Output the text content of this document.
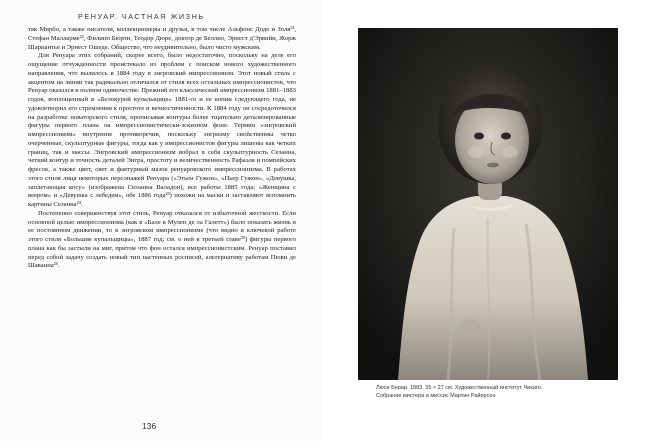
РЕНУАР. ЧАСТНАЯ ЖИЗНЬ

так Мирбо, а также писатели, коллекционеры и друзья, в том числе Альфонс Доде и Золя²¹, Стефан Малларме²², Филипп Бюрти, Теодор Дюре, доктор де Беллио, Эрнест д'Эрвийи, Жорж Шарпантье и Эрнест Ошеде. Общество, что неудивительно, было чисто мужским.

Для Ренуара этих собраний, скорее всего, было недостаточно, поскольку на деле его ощущение отчужденности проистекало из проблем с поиском нового художественного направления, что вылилось в 1884 году в энгровский импрессионизм. Этот новый стиль с акцентом на линии так радикально отличался от стиля всех остальных импрессионистов, что Ренуар оказался в полном одиночестве. Прежний его классический импрессионизм 1881–1883 годов, воплощенный в «Белокурой купальщице» 1881-го и ее копии следующего года, не удовлетворил его стремления к простоте и вечностиченности. К 1884 году он сосредоточился на разработке новаторского стиля, прописывая контуры более тщательно детализированные фигуры первого плана на импрессионистически-эскизном фоне. Термин «энгровский импрессионизм» внутренне противоречив, поскольку энгризму свойственны четко очерченные, скульптурные фигуры, тогда как у импрессионистов фигуры лишены как четких границ, так и массы. Энгровский импрессионизм вобрал в себя скульптурность Сезанна, четкий контур и точность деталей Энгра, простоту и величественность Рафаэля и помпейских фресок, а также цвет, свет и фактурный мазок ренуаровского импрессионизма. В работах этого стиля лица некоторых персонажей Ренуара («Этьен Гужон», «Пьер Гужон», «Девушка, заплетающая косу» (изображена Сюзанна Валадон), все работы 1885 года; «Женщина с веером» и «Девушка с лебедем», обе 1886 года²³) похожи на маски и заставляют вспомнить картины Сезанна²⁴.

Постепенно совершенствуя этот стиль, Ренуар отказался от избыточной жесткости. Если основной целью импрессионизма (как в «Бале в Мулен де ла Галетт») было показать жизнь в ее постоянном движении, то в энгровском импрессионизме (что видно в ключевой работе этого стиля «Большие купальщицы», 1887 год; см. о ней в третьей главе²⁵) фигуры первого плана как бы застыли на миг, притом что фон остался импрессионистским. Ренуар поставил перед собой задачу создать новый тип настенных росписей, альтернативу работам Пюви де Шаванна²⁶.

136
Люси Берар. 1883. 35 × 27 см. Художественный институт Чикаго.
Собрание мистера и миссис Мартин Райерсон
